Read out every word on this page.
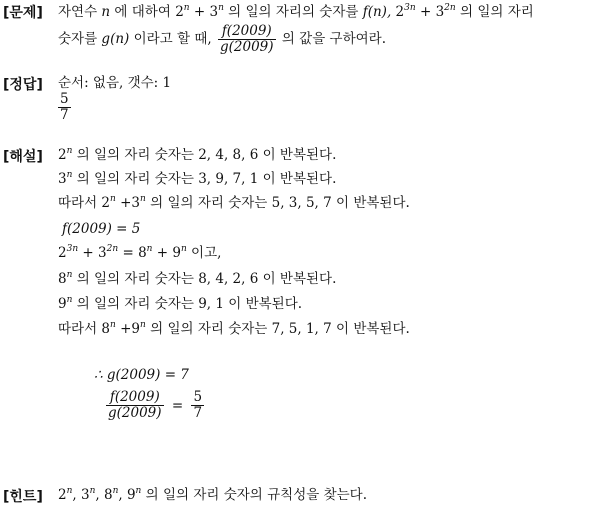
[문제]
[정답]
[해설]
[힌트]
자연수 n 에 대하여 $2^n + 3^n$ 의 일의 자리의 숫자를 f(n), $2^{3n} + 3^{2n}$ 의 일의 자리
숫자를 g(n) 이라고 할 때, $\frac{f(2009)}{g(2009)}$ 의 값을 구하여라.
순서: 없음, 갯수: 1
$\frac{5}{7}$
2$^n$ 의 일의 자리 숫자는 2, 4, 8, 6 이 반복된다.
3$^n$ 의 일의 자리 숫자는 3, 9, 7, 1 이 반복된다.
따라서 $2^n +3^n$ 의 일의 자리 숫자는 5, 3, 5, 7 이 반복된다.
f(2009) = 5
$2^{3n} + 3^{2n} = 8^n + 9^n$ 이고,
8$^n$ 의 일의 자리 숫자는 8, 4, 2, 6 이 반복된다.
9$^n$ 의 일의 자리 숫자는 9, 1 이 반복된다.
따라서 $8^n +9^n$ 의 일의 자리 숫자는 7, 5, 1, 7 이 반복된다.
∴ g(2009) = 7
$\frac{f(2009)}{g(2009)} = \frac{5}{7}$
2$^n$, 3$^n$, 8$^n$, 9$^n$ 의 일의 자리 숫자의 규칙성을 찾는다.
